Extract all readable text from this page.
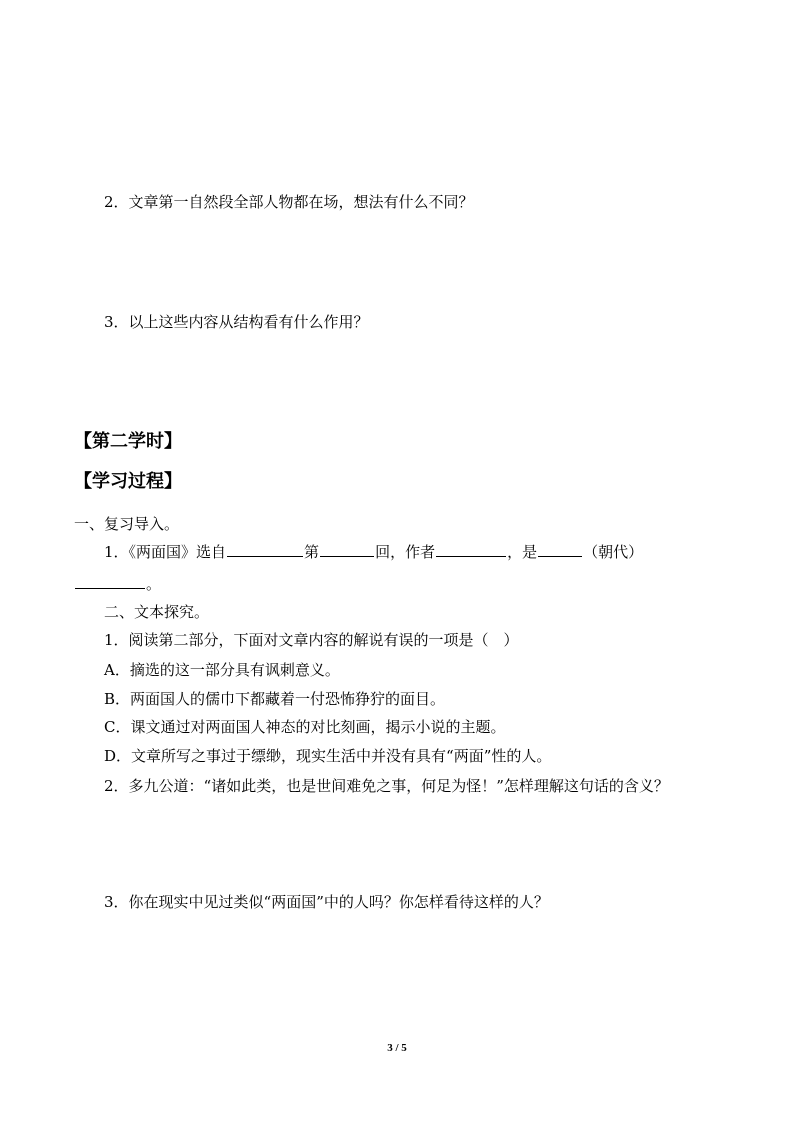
2．文章第一自然段全部人物都在场，想法有什么不同？
3．以上这些内容从结构看有什么作用？
【第二学时】
【学习过程】
一、复习导入。
1．《两面国》选自	第	回，作者	，是	（朝代）
。
二、文本探究。
1．阅读第二部分，下面对文章内容的解说有误的一项是（　）
A．摘选的这一部分具有讽刺意义。
B．两面国人的儒巾下都藏着一付恐怖狰狞的面目。
C．课文通过对两面国人神态的对比刻画，揭示小说的主题。
D．文章所写之事过于缥缈，现实生活中并没有具有“两面”性的人。
2．多九公道：“诸如此类，也是世间难免之事，何足为怪！”怎样理解这句话的含义？
3．你在现实中见过类似“两面国”中的人吗？你怎样看待这样的人？
3 / 5
